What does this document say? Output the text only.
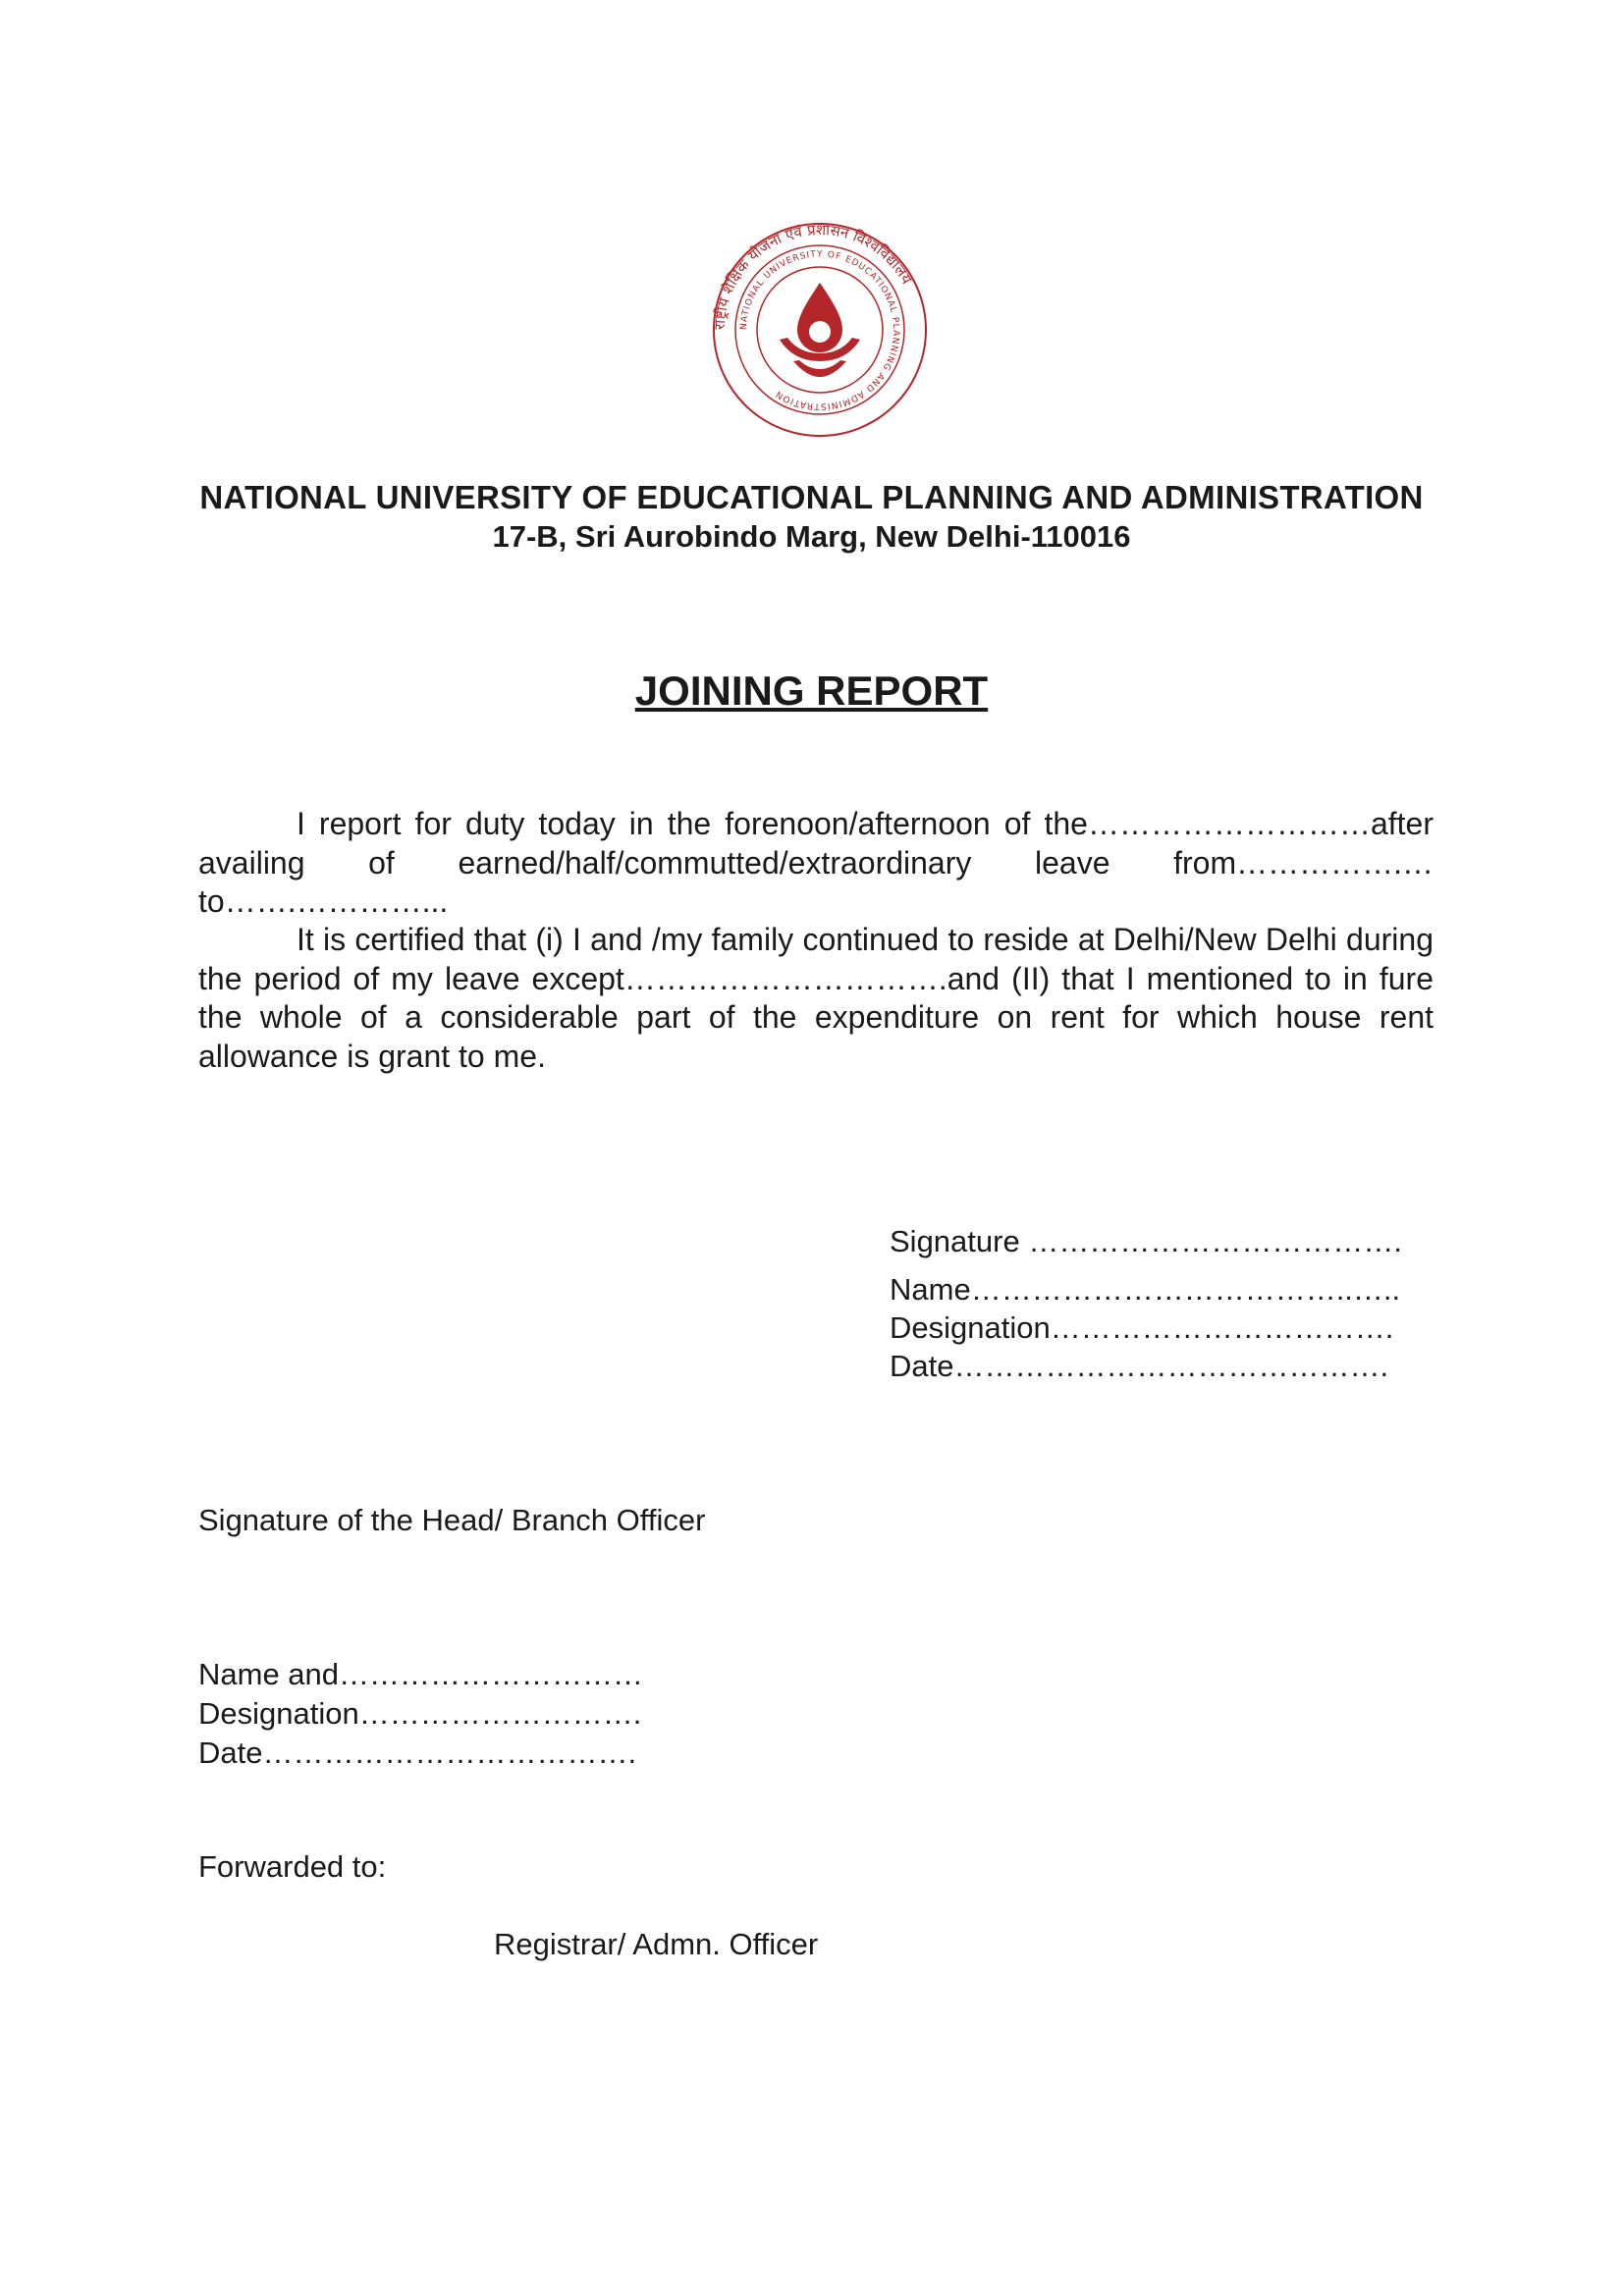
राष्ट्रीय शैक्षिक योजना एवं प्रशासन विश्वविद्यालय
NATIONAL UNIVERSITY OF EDUCATIONAL PLANNING AND ADMINISTRATION
NATIONAL UNIVERSITY OF EDUCATIONAL PLANNING AND ADMINISTRATION
17-B, Sri Aurobindo Marg, New Delhi-110016
JOINING REPORT
I report for duty today in the forenoon/afternoon of the………………………after availing of earned/half/commutted/extraordinary leave from…………….…to…….…………...
It is certified that (i) I and /my family continued to reside at Delhi/New Delhi during the period of my leave except………………………….and (II) that I mentioned to in fure the whole of a considerable part of the expenditure on rent for which house rent allowance is grant to me.
Signature ……………………………….
Name………………………………..…..
Designation…………………………….
Date…………………………………….
Signature of the Head/ Branch Officer
Name and…………………………
Designation……………………….
Date……………………………….
Forwarded to:
Registrar/ Admn. Officer
